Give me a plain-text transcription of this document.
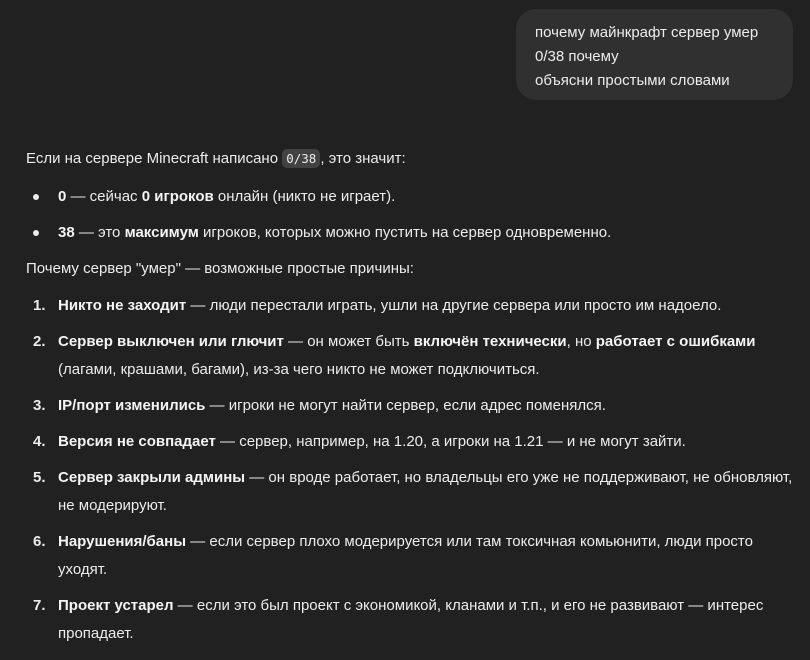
почему майнкрафт сервер умер
0/38 почему
объясни простыми словами

Если на сервере Minecraft написано 0/38 , это значит:

0 — сейчас 0 игроков онлайн (никто не играет).
38 — это максимум игроков, которых можно пустить на сервер одновременно.

Почему сервер "умер" — возможные простые причины:

1. Никто не заходит — люди перестали играть, ушли на другие сервера или просто им надоело.
2. Сервер выключен или глючит — он может быть включён технически, но работает с ошибками (лагами, крашами, багами), из-за чего никто не может подключиться.
3. IP/порт изменились — игроки не могут найти сервер, если адрес поменялся.
4. Версия не совпадает — сервер, например, на 1.20, а игроки на 1.21 — и не могут зайти.
5. Сервер закрыли админы — он вроде работает, но владельцы его уже не поддерживают, не обновляют, не модерируют.
6. Нарушения/баны — если сервер плохо модерируется или там токсичная комьюнити, люди просто уходят.
7. Проект устарел — если это был проект с экономикой, кланами и т.п., и его не развивают — интерес пропадает.
